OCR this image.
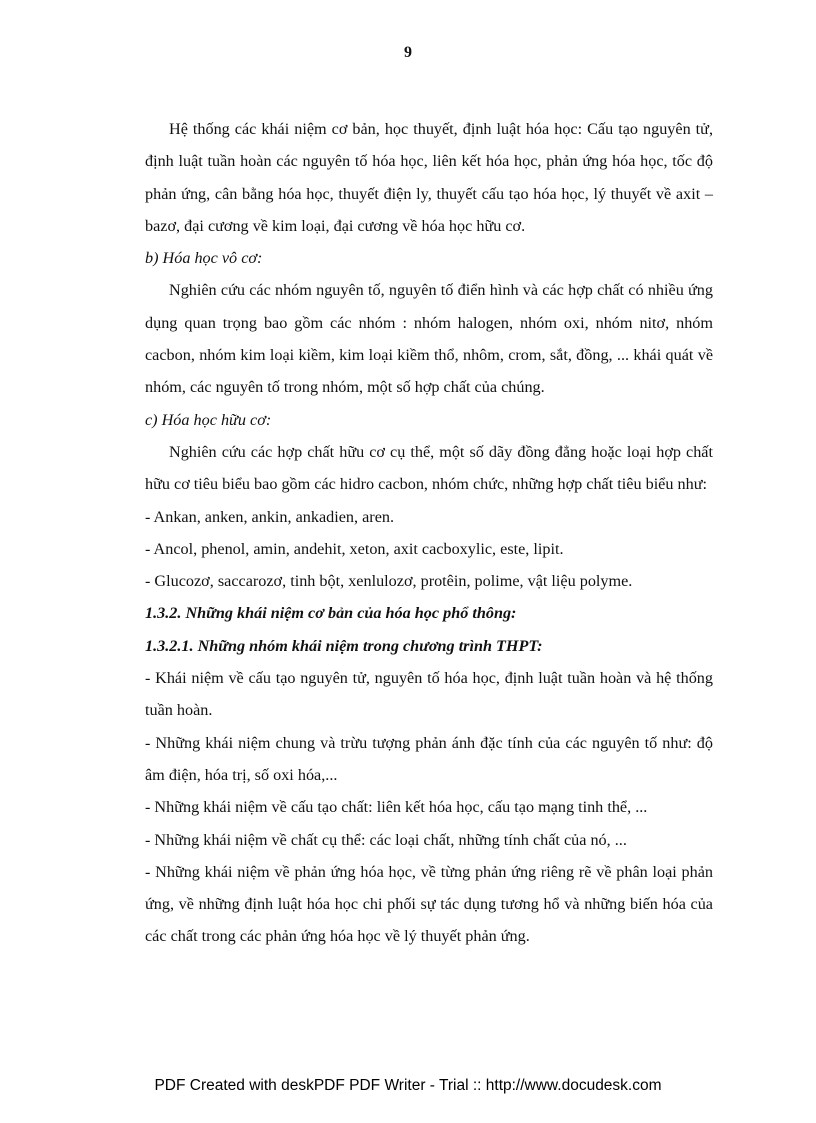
9

Hệ thống các khái niệm cơ bản, học thuyết, định luật hóa học: Cấu tạo nguyên tử, định luật tuần hoàn các nguyên tố hóa học, liên kết hóa học, phản ứng hóa học, tốc độ phản ứng, cân bằng hóa học, thuyết điện ly, thuyết cấu tạo hóa học, lý thuyết về axit – bazơ, đại cương về kim loại, đại cương về hóa học hữu cơ.

b) Hóa học vô cơ:

Nghiên cứu các nhóm nguyên tố, nguyên tố điển hình và các hợp chất có nhiều ứng dụng quan trọng bao gồm các nhóm : nhóm halogen, nhóm oxi, nhóm nitơ, nhóm cacbon, nhóm kim loại kiềm, kim loại kiềm thổ, nhôm, crom, sắt, đồng, ... khái quát về nhóm, các nguyên tố trong nhóm, một số hợp chất của chúng.

c) Hóa học hữu cơ:

Nghiên cứu các hợp chất hữu cơ cụ thể, một số dãy đồng đẳng hoặc loại hợp chất hữu cơ tiêu biểu bao gồm các hidro cacbon, nhóm chức, những hợp chất tiêu biểu như:

- Ankan, anken, ankin, ankadien, aren.

- Ancol, phenol, amin, andehit, xeton, axit cacboxylic, este, lipit.

- Glucozơ, saccarozơ, tinh bột, xenlulozơ, protêin, polime, vật liệu polyme.

1.3.2. Những khái niệm cơ bản của hóa học phổ thông:

1.3.2.1. Những nhóm khái niệm trong chương trình THPT:

- Khái niệm về cấu tạo nguyên tử, nguyên tố hóa học, định luật tuần hoàn và hệ thống tuần hoàn.

- Những khái niệm chung và trừu tượng phản ánh đặc tính của các nguyên tố như: độ âm điện, hóa trị, số oxi hóa,...

- Những khái niệm về cấu tạo chất: liên kết hóa học, cấu tạo mạng tinh thể, ...

- Những khái niệm về chất cụ thể: các loại chất, những tính chất của nó, ...

- Những khái niệm về phản ứng hóa học, về từng phản ứng riêng rẽ về phân loại phản ứng, về những định luật hóa học chi phối sự tác dụng tương hổ và những biến hóa của các chất trong các phản ứng hóa học về lý thuyết phản ứng.

PDF Created with deskPDF PDF Writer - Trial :: http://www.docudesk.com
